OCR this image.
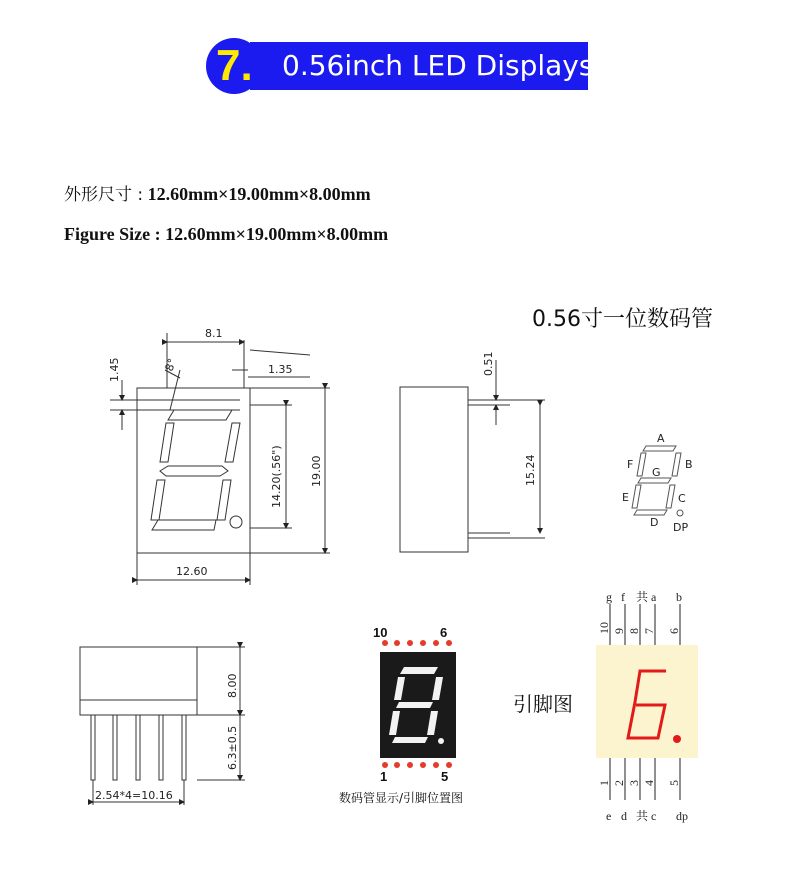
7. 0.56inch LED Displays
外形尺寸 : 12.60mm×19.00mm×8.00mm
Figure Size : 12.60mm×19.00mm×8.00mm
0.56寸一位数码管
8.1
1.45	8°	1.35
14.20(.56") 19.00
12.60
0.51
15.24
A
B
C
D
E
F
G
DP
8.00
6.3±0.5
2.54*4=10.16
10	6
1	5
g f 共 a b
10 9 8 7 6
1 2 3 4 5
e d 共 c dp
数码管显示/引脚位置图
引脚图
